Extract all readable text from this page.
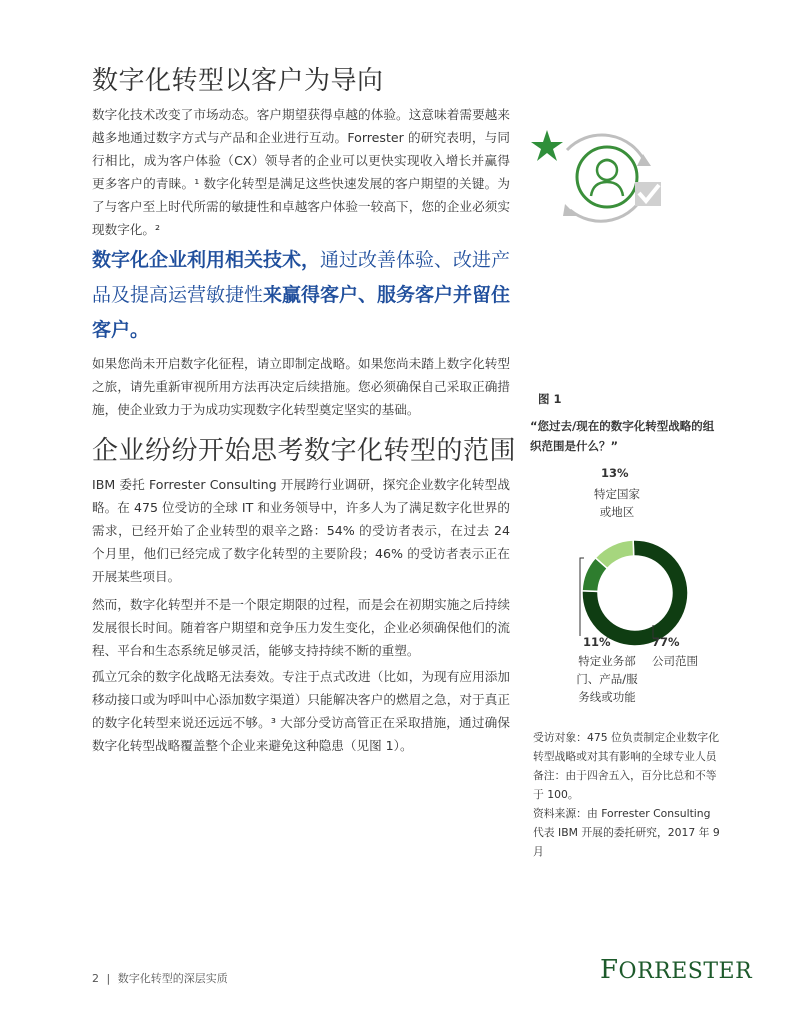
数字化转型以客户为导向

数字化技术改变了市场动态。客户期望获得卓越的体验。这意味着需要越来越多地通过数字方式与产品和企业进行互动。Forrester 的研究表明，与同行相比，成为客户体验（CX）领导者的企业可以更快实现收入增长并赢得更多客户的青睐。¹ 数字化转型是满足这些快速发展的客户期望的关键。为了与客户至上时代所需的敏捷性和卓越客户体验一较高下，您的企业必须实现数字化。²

数字化企业利用相关技术，通过改善体验、改进产品及提高运营敏捷性来赢得客户、服务客户并留住客户。

如果您尚未开启数字化征程，请立即制定战略。如果您尚未踏上数字化转型之旅，请先重新审视所用方法再决定后续措施。您必须确保自己采取正确措施，使企业致力于为成功实现数字化转型奠定坚实的基础。

企业纷纷开始思考数字化转型的范围

IBM 委托 Forrester Consulting 开展跨行业调研，探究企业数字化转型战略。在 475 位受访的全球 IT 和业务领导中，许多人为了满足数字化世界的需求，已经开始了企业转型的艰辛之路：54% 的受访者表示，在过去 24 个月里，他们已经完成了数字化转型的主要阶段；46% 的受访者表示正在开展某些项目。

然而，数字化转型并不是一个限定期限的过程，而是会在初期实施之后持续发展很长时间。随着客户期望和竞争压力发生变化，企业必须确保他们的流程、平台和生态系统足够灵活，能够支持持续不断的重塑。

孤立冗余的数字化战略无法奏效。专注于点式改进（比如，为现有应用添加移动接口或为呼叫中心添加数字渠道）只能解决客户的燃眉之急，对于真正的数字化转型来说还远远不够。³ 大部分受访高管正在采取措施，通过确保数字化转型战略覆盖整个企业来避免这种隐患（见图 1）。

图 1
“您过去/现在的数字化转型战略的组织范围是什么？”
13%
特定国家
或地区
11%
特定业务部
门、产品/服
务线或功能
77%
公司范围
受访对象：475 位负责制定企业数字化转型战略或对其有影响的全球专业人员
备注：由于四舍五入，百分比总和不等于 100。
资料来源：由 Forrester Consulting 代表 IBM 开展的委托研究，2017 年 9 月
2 | 数字化转型的深层实质	FORRESTER
